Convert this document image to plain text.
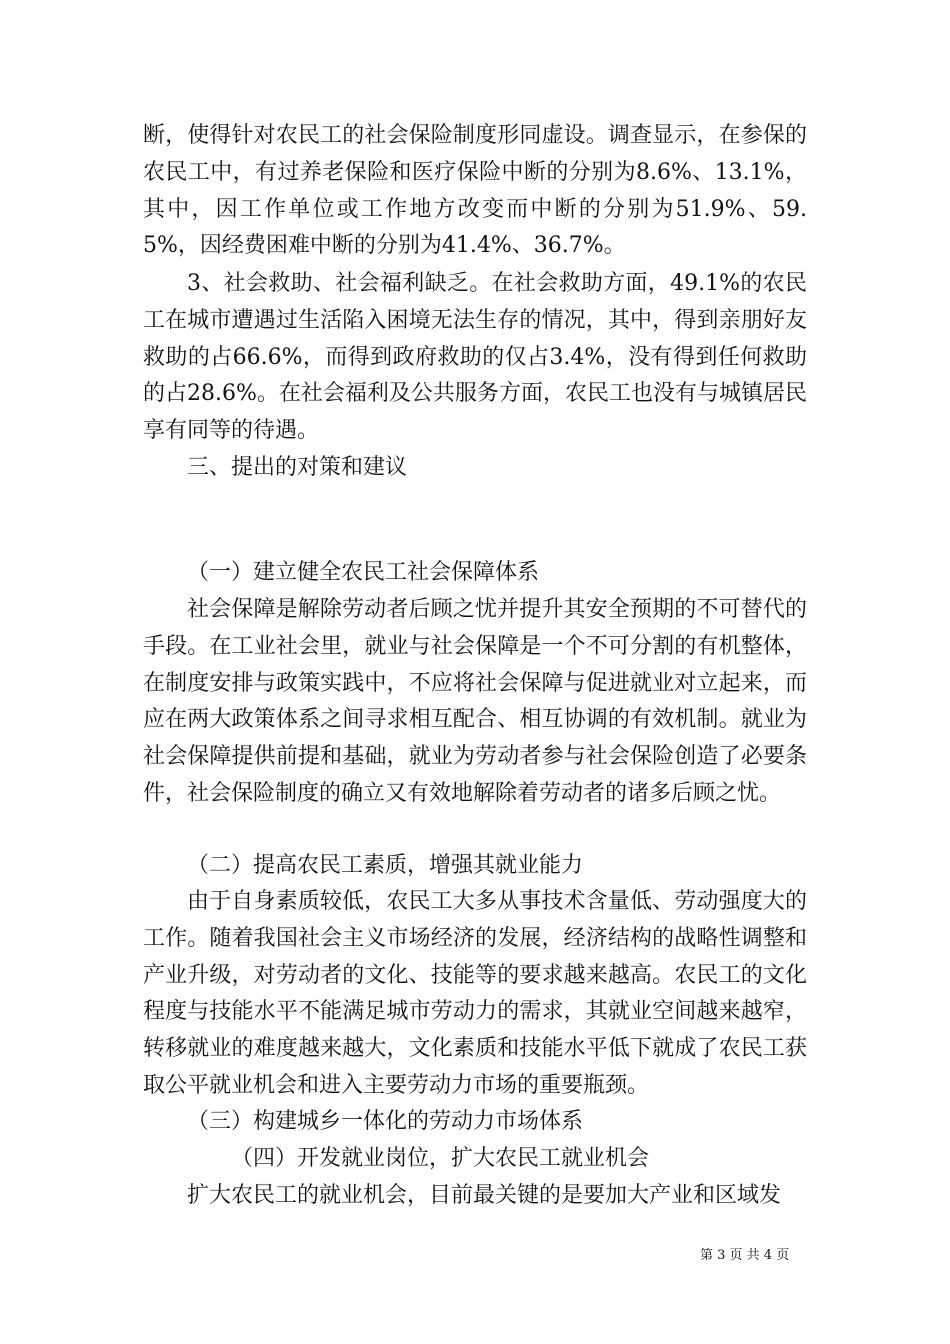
断，使得针对农民工的社会保险制度形同虚设。调查显示，在参保的农民工中，有过养老保险和医疗保险中断的分别为8.6%、13.1%，其中，因工作单位或工作地方改变而中断的分别为51.9%、59.5%，因经费困难中断的分别为41.4%、36.7%。

3、社会救助、社会福利缺乏。在社会救助方面，49.1%的农民工在城市遭遇过生活陷入困境无法生存的情况，其中，得到亲朋好友救助的占66.6%，而得到政府救助的仅占3.4%，没有得到任何救助的占28.6%。在社会福利及公共服务方面，农民工也没有与城镇居民享有同等的待遇。

三、提出的对策和建议

（一）建立健全农民工社会保障体系

社会保障是解除劳动者后顾之忧并提升其安全预期的不可替代的手段。在工业社会里，就业与社会保障是一个不可分割的有机整体，在制度安排与政策实践中，不应将社会保障与促进就业对立起来，而应在两大政策体系之间寻求相互配合、相互协调的有效机制。就业为社会保障提供前提和基础，就业为劳动者参与社会保险创造了必要条件，社会保险制度的确立又有效地解除着劳动者的诸多后顾之忧。

（二）提高农民工素质，增强其就业能力

由于自身素质较低，农民工大多从事技术含量低、劳动强度大的工作。随着我国社会主义市场经济的发展，经济结构的战略性调整和产业升级，对劳动者的文化、技能等的要求越来越高。农民工的文化程度与技能水平不能满足城市劳动力的需求，其就业空间越来越窄，转移就业的难度越来越大，文化素质和技能水平低下就成了农民工获取公平就业机会和进入主要劳动力市场的重要瓶颈。

（三）构建城乡一体化的劳动力市场体系

（四）开发就业岗位，扩大农民工就业机会

扩大农民工的就业机会，目前最关键的是要加大产业和区域发

第 3 页 共 4 页
